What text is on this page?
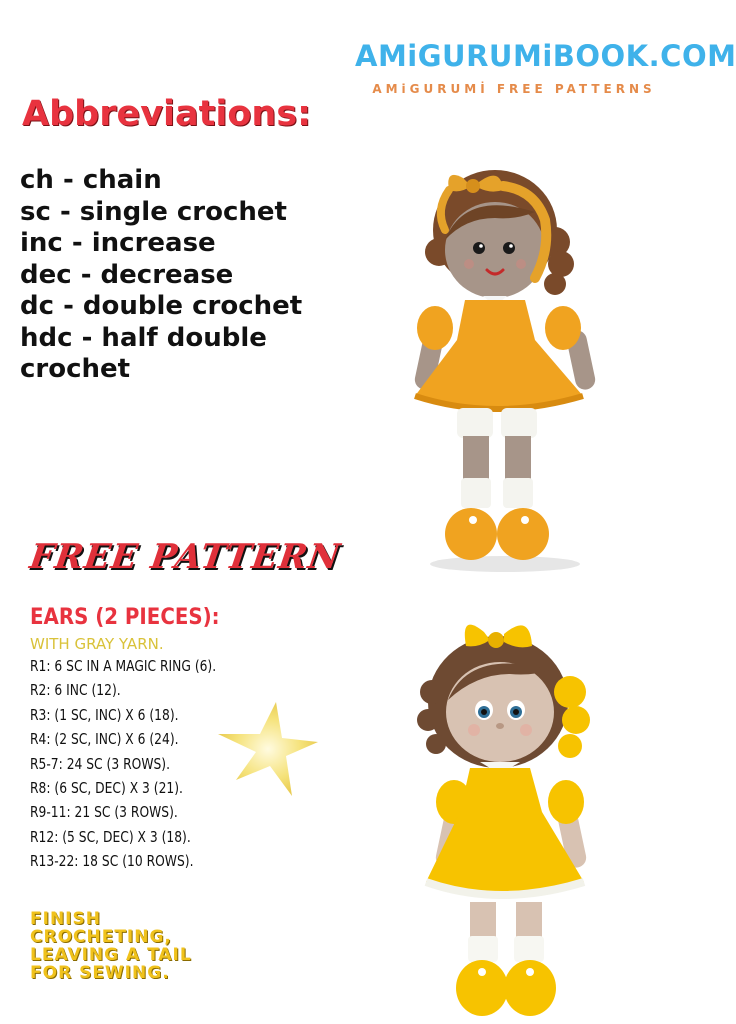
AMiGURUMiBOOK.COM
AMiGURUMİ FREE PATTERNS
Abbreviations:
ch - chain
sc - single crochet
inc - increase
dec - decrease
dc - double crochet
hdc - half double
crochet
FREE PATTERN
EARS (2 PIECES):
WITH GRAY YARN.
R1: 6 SC IN A MAGIC RING (6).
R2: 6 INC (12).
R3: (1 SC, INC) X 6 (18).
R4: (2 SC, INC) X 6 (24).
R5-7: 24 SC (3 ROWS).
R8: (6 SC, DEC) X 3 (21).
R9-11: 21 SC (3 ROWS).
R12: (5 SC, DEC) X 3 (18).
R13-22: 18 SC (10 ROWS).
FINISH
CROCHETING,
LEAVING A TAIL
FOR SEWING.
